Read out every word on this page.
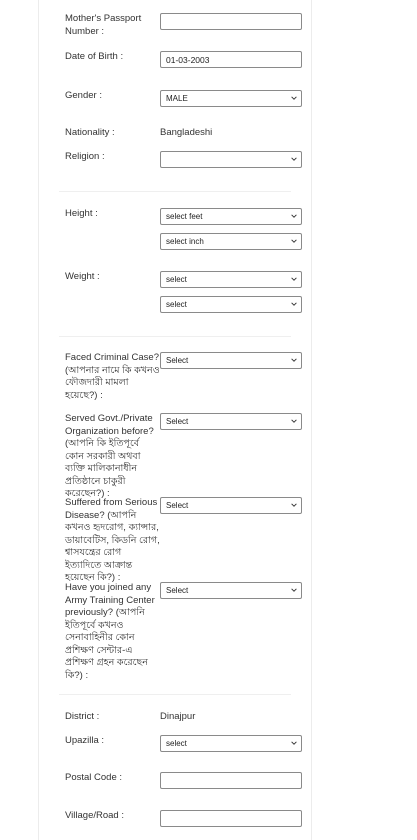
Mother's Passport Number :
Date of Birth :
01-03-2003
Gender :	MALE
Nationality :	Bangladeshi
Religion :
Height :	select feet
select inch
Weight :	select
select
Faced Criminal Case? (আপনার নামে কি কখনও ফৌজদারী মামলা হয়েছে?) :
Select
Served Govt./Private Organization before? (আপনি কি ইতিপূর্বে কোন সরকারী অথবা ব্যক্তি মালিকানাধীন প্রতিষ্ঠানে চাকুরী করেছেন?) :
Select
Suffered from Serious Disease? (আপনি কখনও হৃদরোগ, ক্যান্সার, ডায়াবেটিস, কিডনি রোগ, শ্বাসযন্ত্রের রোগ ইত্যাদিতে আক্রান্ত হয়েছেন কি?) :
Select
Have you joined any Army Training Center previously? (আপনি ইতিপূর্বে কখনও সেনাবাহিনীর কোন প্রশিক্ষণ সেন্টার-এ প্রশিক্ষণ গ্রহন করেছেন কি?) :
Select
District :	Dinajpur
Upazilla :	select
Postal Code :
Village/Road :
